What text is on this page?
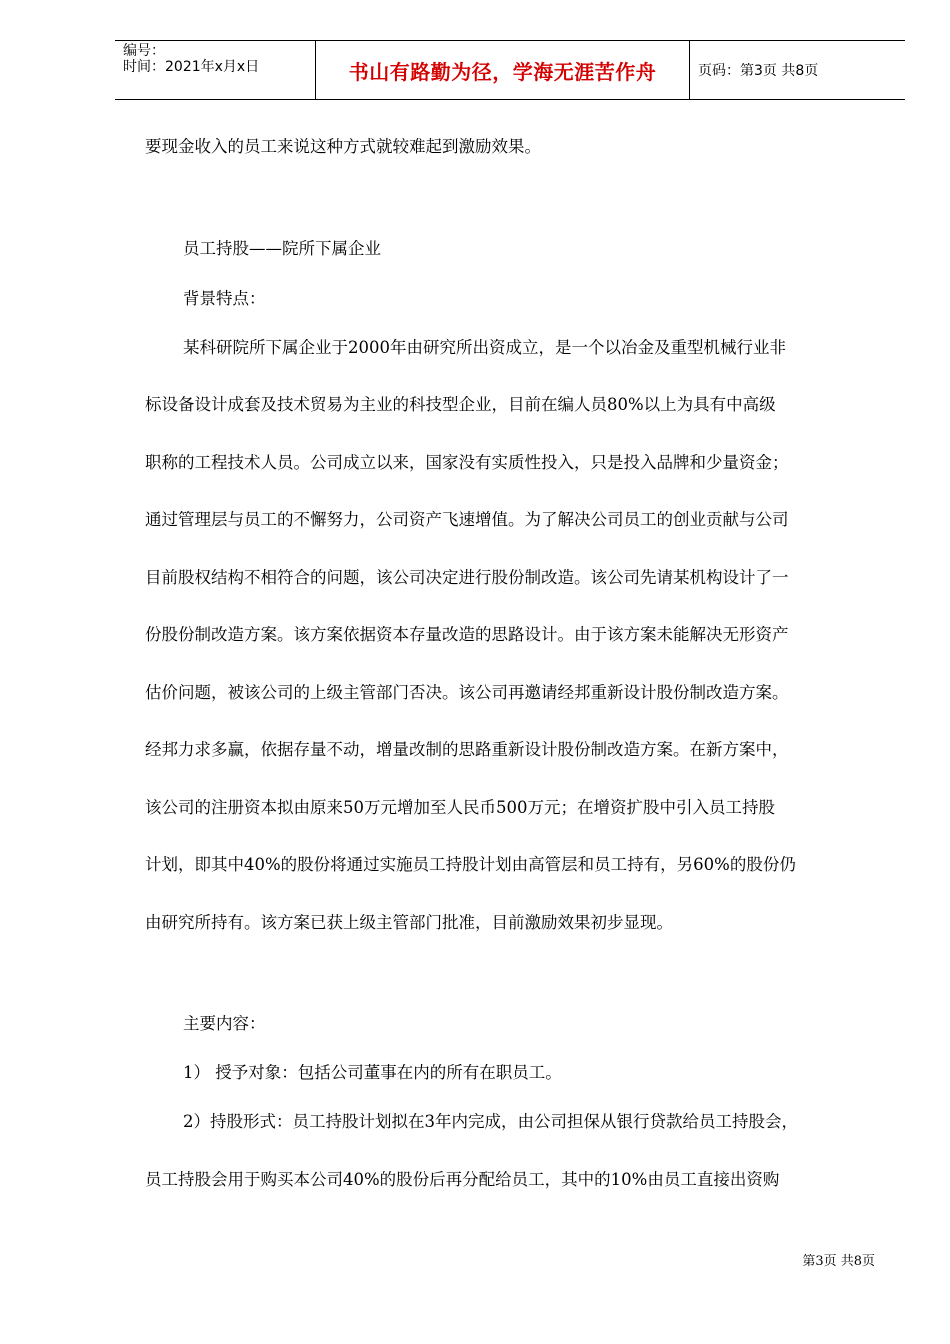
编号：
时间：2021年x月x日	书山有路勤为径，学海无涯苦作舟	页码：第3页 共8页
要现金收入的员工来说这种方式就较难起到激励效果。
员工持股——院所下属企业
背景特点：
某科研院所下属企业于2000年由研究所出资成立，是一个以冶金及重型机械行业非
标设备设计成套及技术贸易为主业的科技型企业，目前在编人员80%以上为具有中高级
职称的工程技术人员。公司成立以来，国家没有实质性投入，只是投入品牌和少量资金；
通过管理层与员工的不懈努力，公司资产飞速增值。为了解决公司员工的创业贡献与公司
目前股权结构不相符合的问题，该公司决定进行股份制改造。该公司先请某机构设计了一
份股份制改造方案。该方案依据资本存量改造的思路设计。由于该方案未能解决无形资产
估价问题，被该公司的上级主管部门否决。该公司再邀请经邦重新设计股份制改造方案。
经邦力求多赢，依据存量不动，增量改制的思路重新设计股份制改造方案。在新方案中，
该公司的注册资本拟由原来50万元增加至人民币500万元；在增资扩股中引入员工持股
计划，即其中40%的股份将通过实施员工持股计划由高管层和员工持有，另60%的股份仍
由研究所持有。该方案已获上级主管部门批准，目前激励效果初步显现。
主要内容：
1） 授予对象：包括公司董事在内的所有在职员工。
2）持股形式：员工持股计划拟在3年内完成，由公司担保从银行贷款给员工持股会，
员工持股会用于购买本公司40%的股份后再分配给员工，其中的10%由员工直接出资购
第3页 共8页
